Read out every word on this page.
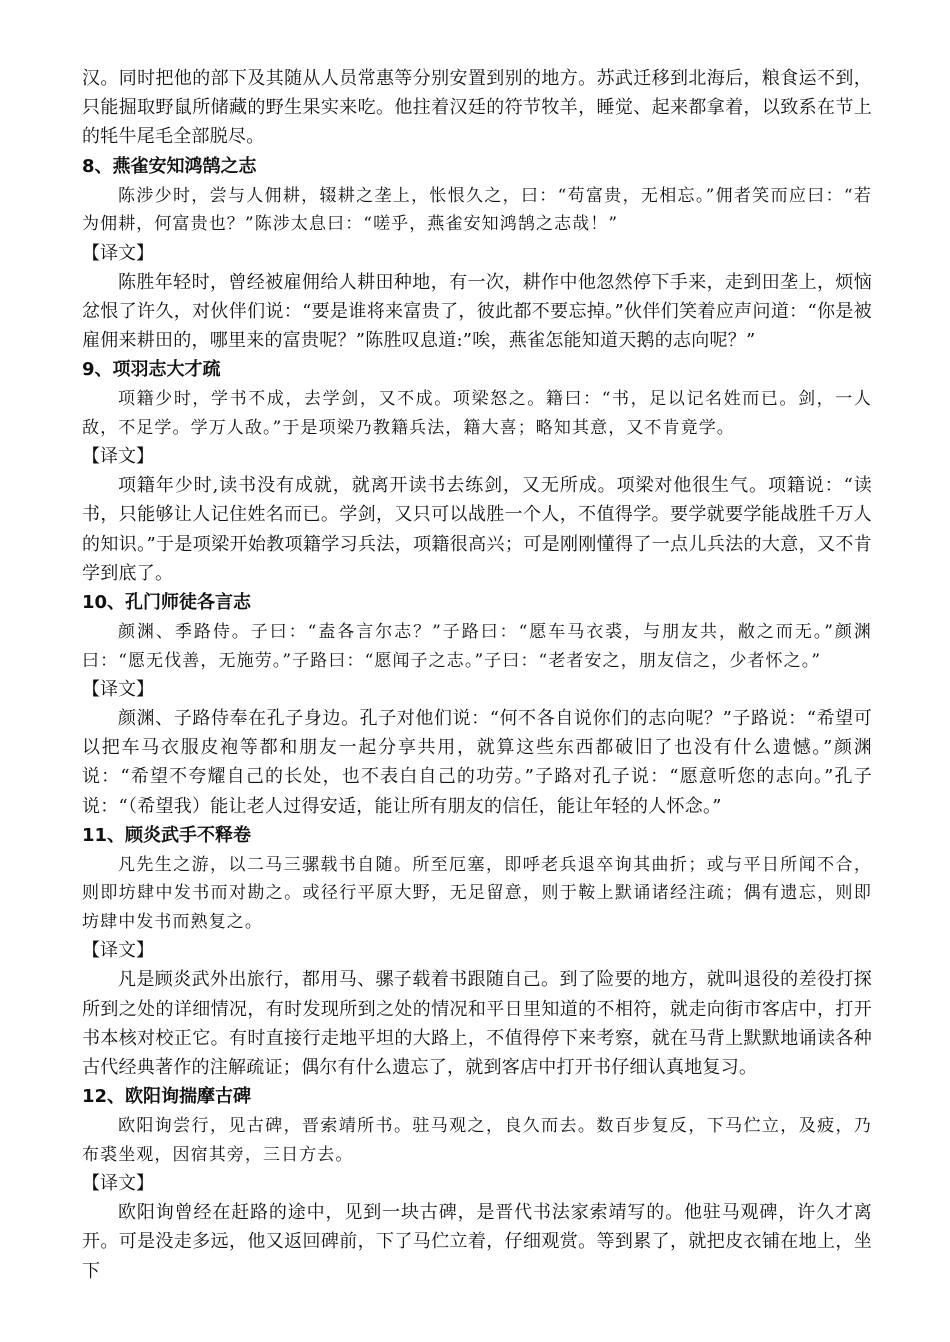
汉。同时把他的部下及其随从人员常惠等分别安置到别的地方。苏武迁移到北海后，粮食运不到，只能掘取野鼠所储藏的野生果实来吃。他拄着汉廷的符节牧羊，睡觉、起来都拿着，以致系在节上的牦牛尾毛全部脱尽。

8、燕雀安知鸿鹄之志

陈涉少时，尝与人佣耕，辍耕之垄上，怅恨久之，曰：“苟富贵，无相忘。”佣者笑而应曰：“若为佣耕，何富贵也？”陈涉太息曰：“嗟乎，燕雀安知鸿鹄之志哉！”

【译文】

陈胜年轻时，曾经被雇佣给人耕田种地，有一次，耕作中他忽然停下手来，走到田垄上，烦恼忿恨了许久，对伙伴们说：“要是谁将来富贵了，彼此都不要忘掉。”伙伴们笑着应声问道：“你是被雇佣来耕田的，哪里来的富贵呢？”陈胜叹息道:”唉，燕雀怎能知道天鹅的志向呢？”

9、项羽志大才疏

项籍少时，学书不成，去学剑，又不成。项梁怒之。籍曰：“书，足以记名姓而已。剑，一人敌，不足学。学万人敌。”于是项梁乃教籍兵法，籍大喜；略知其意，又不肯竟学。

【译文】

项籍年少时,读书没有成就，就离开读书去练剑，又无所成。项梁对他很生气。项籍说：“读书，只能够让人记住姓名而已。学剑，又只可以战胜一个人，不值得学。要学就要学能战胜千万人的知识。”于是项梁开始教项籍学习兵法，项籍很高兴；可是刚刚懂得了一点儿兵法的大意，又不肯学到底了。

10、孔门师徒各言志

颜渊、季路侍。子曰：“盍各言尔志？”子路曰：“愿车马衣裘，与朋友共，敝之而无。”颜渊曰：“愿无伐善，无施劳。”子路曰：“愿闻子之志。”子曰：“老者安之，朋友信之，少者怀之。”

【译文】

颜渊、子路侍奉在孔子身边。孔子对他们说：“何不各自说你们的志向呢？”子路说：“希望可以把车马衣服皮袍等都和朋友一起分享共用，就算这些东西都破旧了也没有什么遗憾。”颜渊说：“希望不夸耀自己的长处，也不表白自己的功劳。”子路对孔子说：“愿意听您的志向。”孔子说：“（希望我）能让老人过得安适，能让所有朋友的信任，能让年轻的人怀念。”

11、顾炎武手不释卷

凡先生之游，以二马三骡载书自随。所至厄塞，即呼老兵退卒询其曲折；或与平日所闻不合，则即坊肆中发书而对勘之。或径行平原大野，无足留意，则于鞍上默诵诸经注疏；偶有遗忘，则即坊肆中发书而熟复之。

【译文】

凡是顾炎武外出旅行，都用马、骡子载着书跟随自己。到了险要的地方，就叫退役的差役打探所到之处的详细情况，有时发现所到之处的情况和平日里知道的不相符，就走向街市客店中，打开书本核对校正它。有时直接行走地平坦的大路上，不值得停下来考察，就在马背上默默地诵读各种古代经典著作的注解疏证；偶尔有什么遗忘了，就到客店中打开书仔细认真地复习。

12、欧阳询揣摩古碑

欧阳询尝行，见古碑，晋索靖所书。驻马观之，良久而去。数百步复反，下马伫立，及疲，乃布裘坐观，因宿其旁，三日方去。

【译文】

欧阳询曾经在赶路的途中，见到一块古碑，是晋代书法家索靖写的。他驻马观碑，许久才离开。可是没走多远，他又返回碑前，下了马伫立着，仔细观赏。等到累了，就把皮衣铺在地上，坐下
